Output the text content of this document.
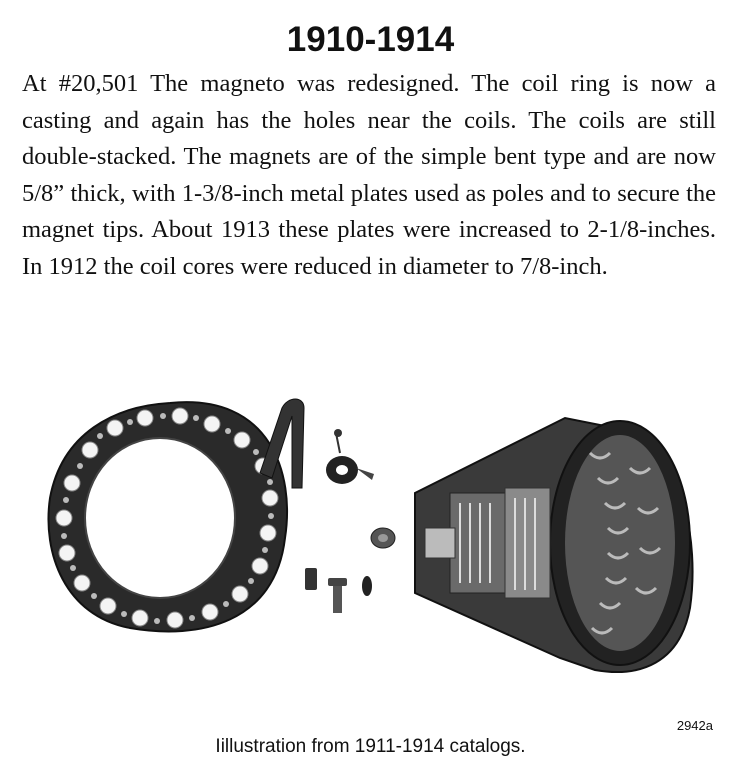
1910-1914

At #20,501 The magneto was redesigned. The coil ring is now a casting and again has the holes near the coils. The coils are still double-stacked. The magnets are of the simple bent type and are now 5/8” thick, with 1-3/8-inch metal plates used as poles and to secure the magnet tips. About 1913 these plates were increased to 2-1/8-inches. In 1912 the coil cores were reduced in diameter to 7/8-inch.

2942a
Iillustration from 1911-1914 catalogs.
